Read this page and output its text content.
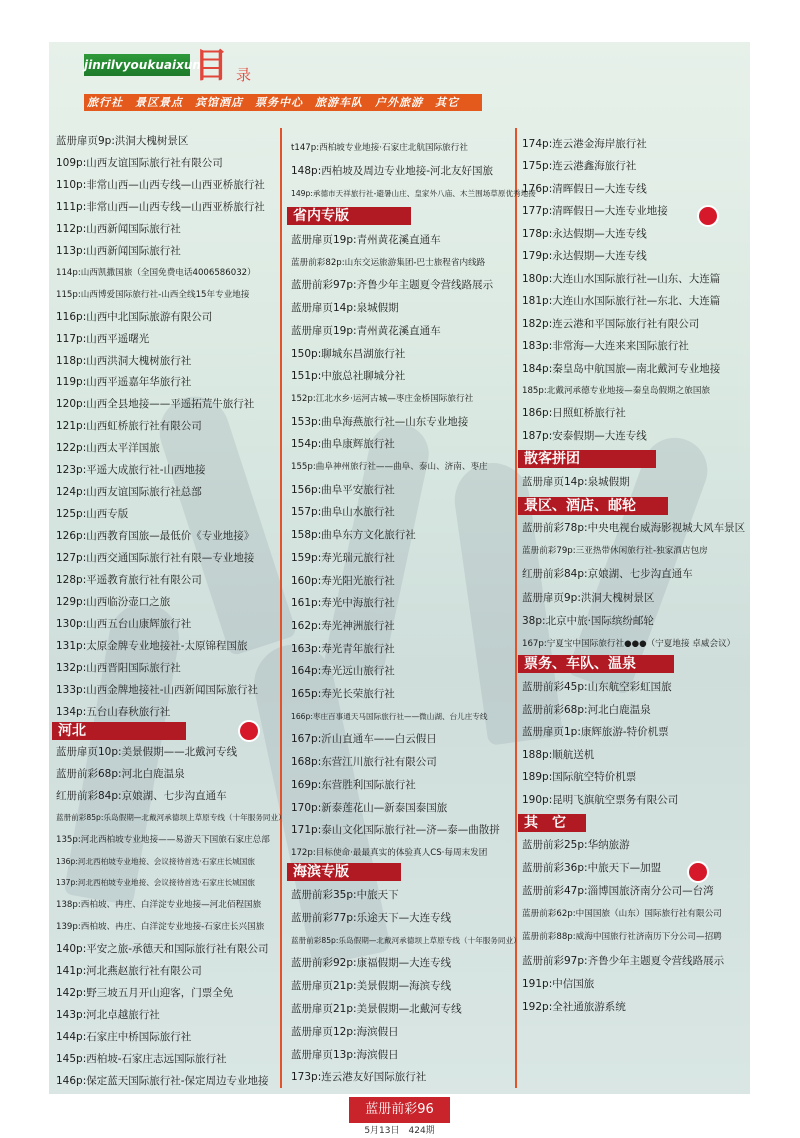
jinrilvyoukuaixun
目 录
旅行社　景区景点　宾馆酒店　票务中心　旅游车队　户外旅游　其它
蓝册扉页9p:洪洞大槐树景区
109p:山西友谊国际旅行社有限公司
110p:非常山西—山西专线—山西亚桥旅行社
111p:非常山西—山西专线—山西亚桥旅行社
112p:山西新闻国际旅行社
113p:山西新闻国际旅行社
114p:山西凯撒国旅（全国免费电话4006586032）
115p:山西博爱国际旅行社-山西全线15年专业地接
116p:山西中北国际旅游有限公司
117p:山西平遥曙光
118p:山西洪洞大槐树旅行社
119p:山西平遥嘉年华旅行社
120p:山西全县地接——平遥拓荒牛旅行社
121p:山西虹桥旅行社有限公司
122p:山西太平洋国旅
123p:平遥大成旅行社-山西地接
124p:山西友谊国际旅行社总部
125p:山西专版
126p:山西教育国旅—最低价《专业地接》
127p:山西交通国际旅行社有限—专业地接
128p:平遥教育旅行社有限公司
129p:山西临汾壶口之旅
130p:山西五台山康辉旅行社
131p:太原金牌专业地接社-太原锦程国旅
132p:山西晋阳国际旅行社
133p:山西金牌地接社-山西新闻国际旅行社
134p:五台山春秋旅行社
河北
蓝册扉页10p:美景假期——北戴河专线
蓝册前彩68p:河北白鹿温泉
红册前彩84p:京娘湖、七步沟直通车
蓝册前彩85p:乐岛假期—北戴河承德坝上草原专线（十年服务同业）
135p:河北西柏坡专业地接——易游天下国旅石家庄总部
136p:河北西柏坡专业地接、会议接待首选·石家庄长城国旅
137p:河北西柏坡专业地接、会议接待首选·石家庄长城国旅
138p:西柏坡、冉庄、白洋淀专业地接—河北佰程国旅
139p:西柏坡、冉庄、白洋淀专业地接-石家庄长兴国旅
140p:平安之旅-承德天和国际旅行社有限公司
141p:河北燕赵旅行社有限公司
142p:野三坡五月开山迎客，门票全免
143p:河北卓越旅行社
144p:石家庄中桥国际旅行社
145p:西柏坡-石家庄志远国际旅行社
146p:保定蓝天国际旅行社-保定周边专业地接
t147p:西柏坡专业地接·石家庄北航国际旅行社
148p:西柏坡及周边专业地接-河北友好国旅
149p:承德市天祥旅行社-避暑山庄、皇家外八庙、木兰围场草原优秀地接
省内专版
蓝册扉页19p:青州黄花溪直通车
蓝册前彩82p:山东交运旅游集团-巴士旅程省内线路
蓝册前彩97p:齐鲁少年主题夏令营线路展示
蓝册扉页14p:泉城假期
蓝册扉页19p:青州黄花溪直通车
150p:聊城东昌湖旅行社
151p:中旅总社聊城分社
152p:江北水乡·运河古城—枣庄金桥国际旅行社
153p:曲阜海燕旅行社—山东专业地接
154p:曲阜康辉旅行社
155p:曲阜神州旅行社——曲阜、泰山、济南、枣庄
156p:曲阜平安旅行社
157p:曲阜山水旅行社
158p:曲阜东方文化旅行社
159p:寿光瑞元旅行社
160p:寿光阳光旅行社
161p:寿光中海旅行社
162p:寿光神洲旅行社
163p:寿光青年旅行社
164p:寿光远山旅行社
165p:寿光长荣旅行社
166p:枣庄百事通天马国际旅行社——微山湖、台儿庄专线
167p:沂山直通车——白云假日
168p:东营江川旅行社有限公司
169p:东营胜利国际旅行社
170p:新泰莲花山—新泰国泰国旅
171p:泰山文化国际旅行社—济—泰—曲散拼
172p:目标使命·最最真实的体验真人CS·每周末发团
海滨专版
蓝册前彩35p:中旅天下
蓝册前彩77p:乐途天下—大连专线
蓝册前彩85p:乐岛假期—北戴河承德坝上草原专线（十年服务同业）
蓝册前彩92p:康福假期—大连专线
蓝册扉页21p:美景假期—海滨专线
蓝册扉页21p:美景假期—北戴河专线
蓝册扉页12p:海滨假日
蓝册扉页13p:海滨假日
173p:连云港友好国际旅行社
174p:连云港金海岸旅行社
175p:连云港鑫海旅行社
176p:清晖假日—大连专线
177p:清晖假日—大连专业地接
178p:永达假期—大连专线
179p:永达假期—大连专线
180p:大连山水国际旅行社—山东、大连篇
181p:大连山水国际旅行社—东北、大连篇
182p:连云港和平国际旅行社有限公司
183p:非常海—大连来来国际旅行社
184p:秦皇岛中航国旅—南北戴河专业地接
185p:北戴河承德专业地接—秦皇岛假期之旅国旅
186p:日照虹桥旅行社
187p:安泰假期—大连专线
散客拼团
蓝册扉页14p:泉城假期
景区、酒店、邮轮
蓝册前彩78p:中央电视台威海影视城大风车景区
蓝册前彩79p:三亚热带休闲旅行社-独家酒店包房
红册前彩84p:京娘湖、七步沟直通车
蓝册扉页9p:洪洞大槐树景区
38p:北京中旅·国际缤纷邮轮
167p:宁夏宝中国际旅行社●●●（宁夏地接 卓威会议）
票务、车队、温泉
蓝册前彩45p:山东航空彩虹国旅
蓝册前彩68p:河北白鹿温泉
蓝册扉页1p:康辉旅游-特价机票
188p:顺航送机
189p:国际航空特价机票
190p:昆明飞旗航空票务有限公司
其　它
蓝册前彩25p:华纳旅游
蓝册前彩36p:中旅天下—加盟
蓝册前彩47p:淄博国旅济南分公司—台湾
蓝册前彩62p:中国国旅（山东）国际旅行社有限公司
蓝册前彩88p:威海中国旅行社济南历下分公司—招聘
蓝册前彩97p:齐鲁少年主题夏令营线路展示
191p:中信国旅
192p:全社通旅游系统
蓝册前彩96
5月13日　424期
